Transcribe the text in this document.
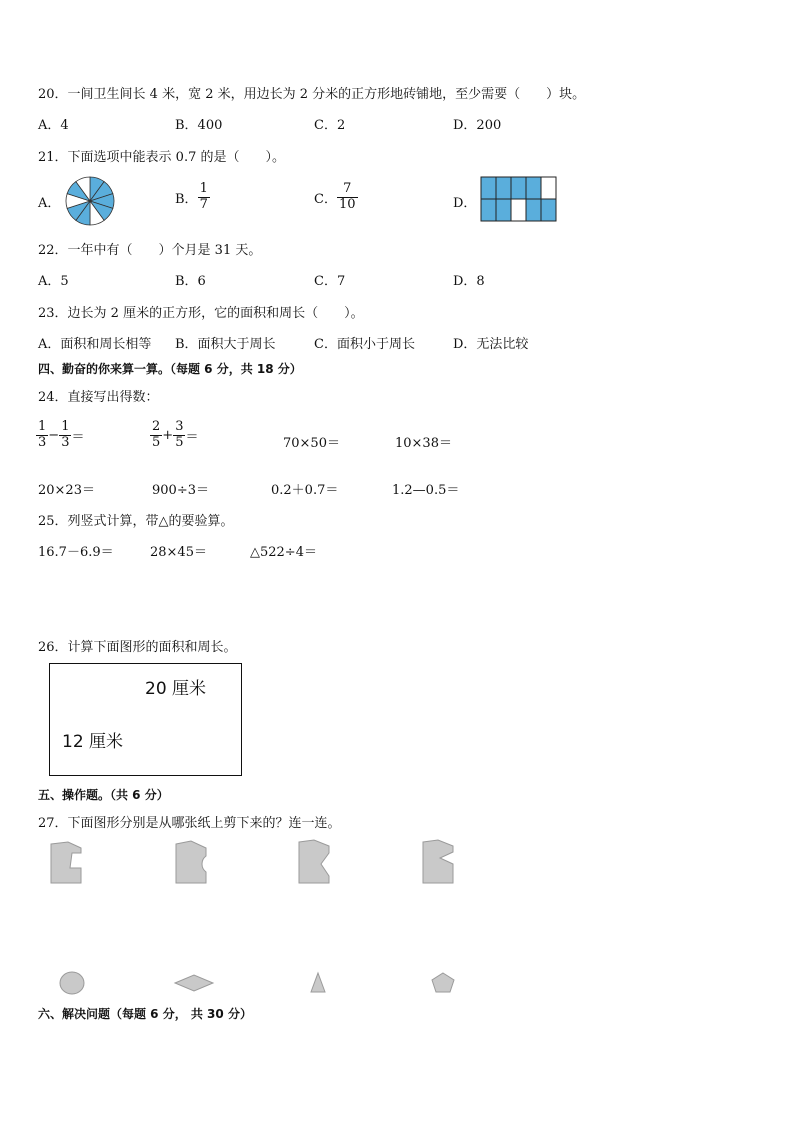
20．一间卫生间长 4 米，宽 2 米，用边长为 2 分米的正方形地砖铺地，至少需要（　　）块。
A．4	B．400	C．2	D．200
21．下面选项中能表示 0.7 的是（　　）。
A．	B． $\frac{1}{7}$	C． $\frac{7}{10}$	D．
22．一年中有（　　）个月是 31 天。
A．5	B．6	C．7	D．8
23．边长为 2 厘米的正方形，它的面积和周长（　　）。
A．面积和周长相等 B．面积大于周长	C．面积小于周长	D．无法比较
四、勤奋的你来算一算。（每题 6 分，共 18 分）
24．直接写出得数：
$\frac{1}{3} - \frac{1}{3}$ ＝	$\frac{2}{5} + \frac{3}{5}$ ＝	70×50＝	10×38＝
20×23＝	900÷3＝	0.2＋0.7＝	1.2—0.5＝
25．列竖式计算，带△的要验算。
16.7－6.9＝	28×45＝	△522÷4＝
26．计算下面图形的面积和周长。
20 厘米
12 厘米
五、操作题。（共 6 分）
27．下面图形分别是从哪张纸上剪下来的？连一连。
六、解决问题（每题 6 分， 共 30 分）
